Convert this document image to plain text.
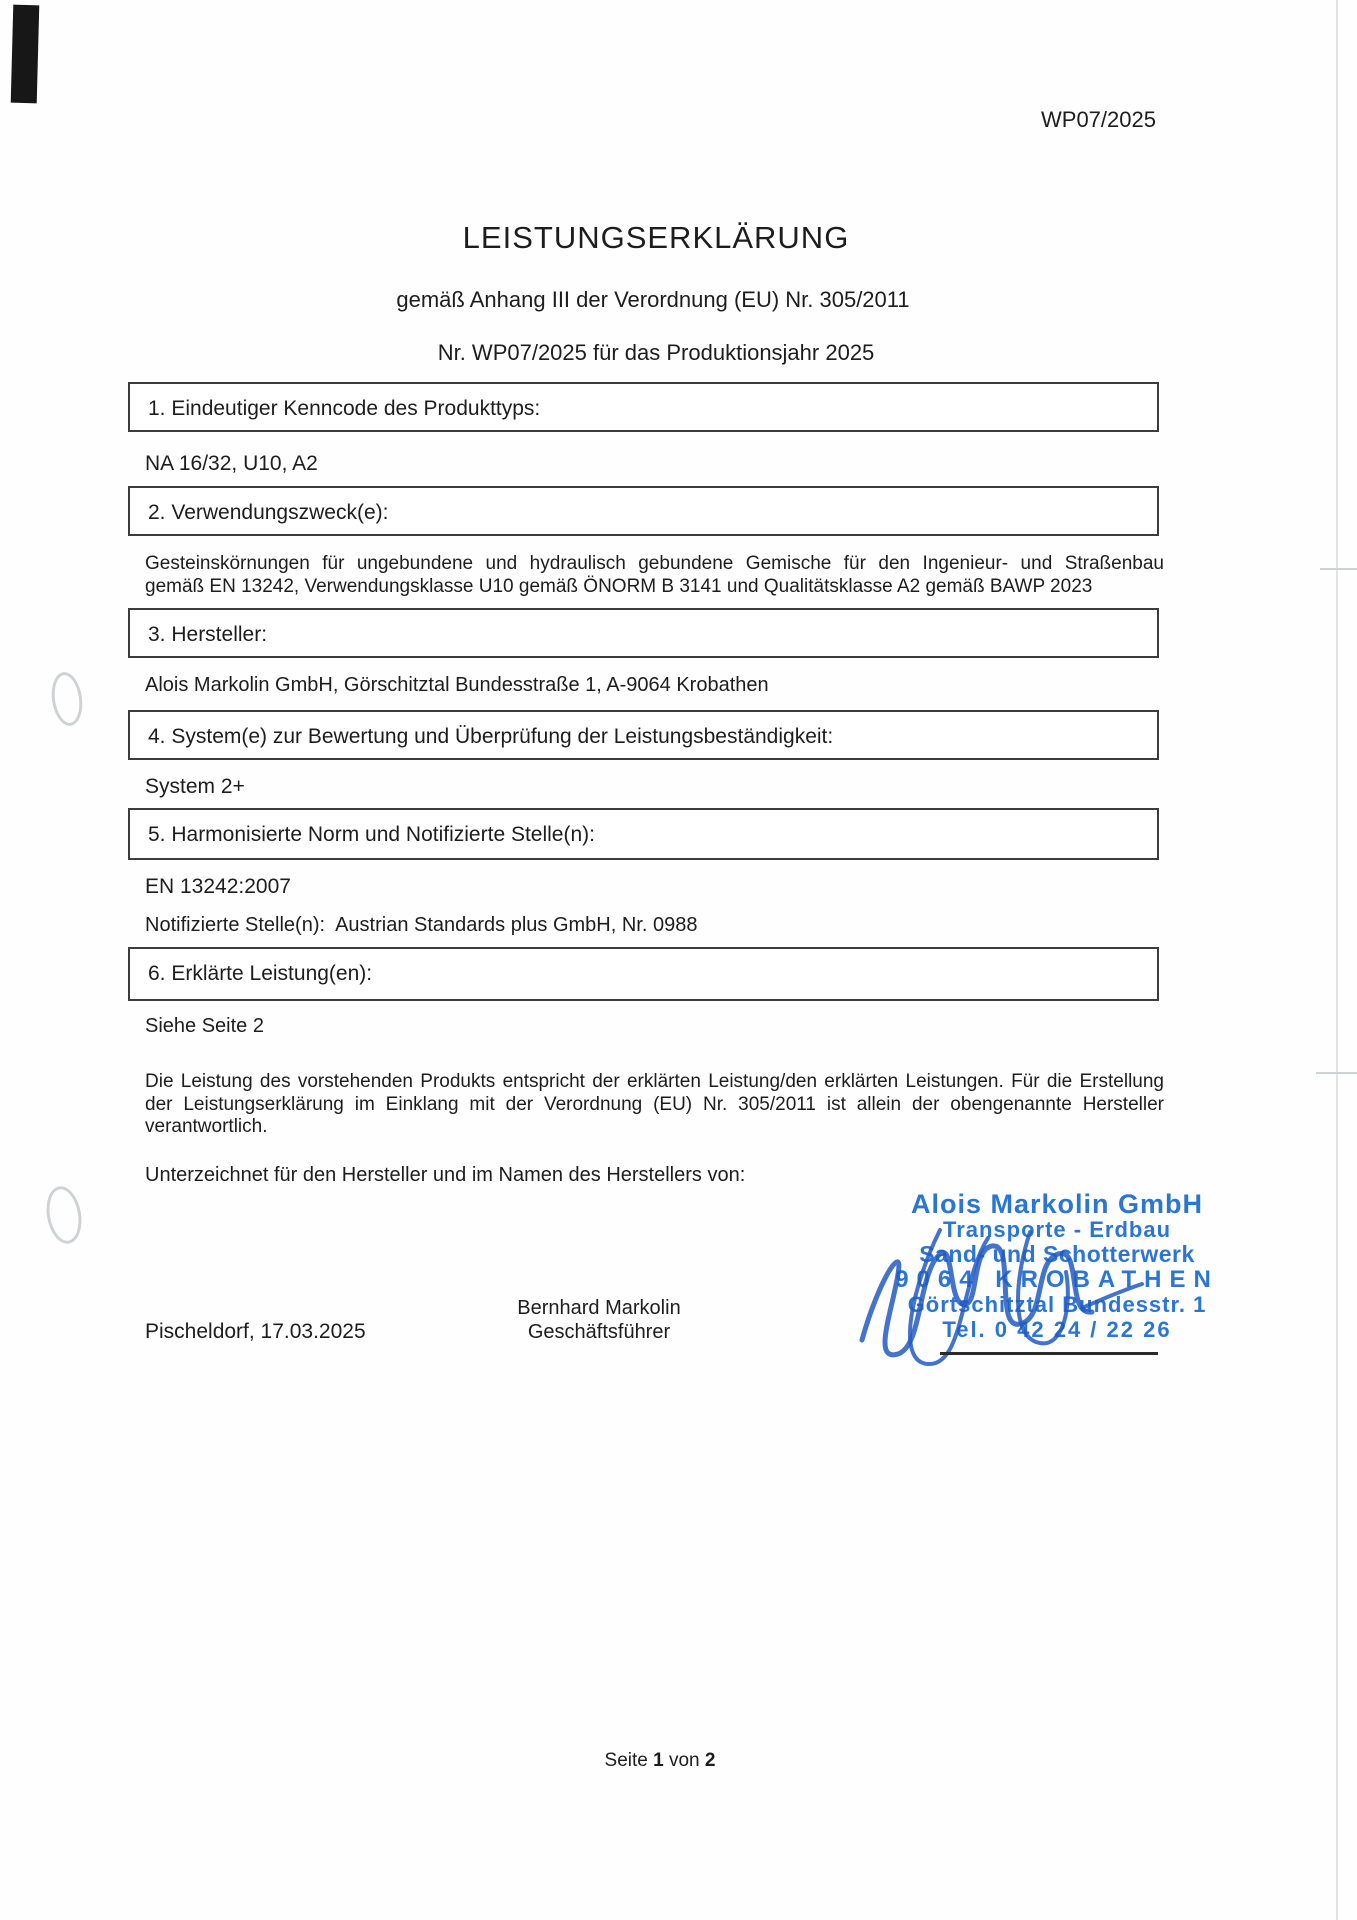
WP07/2025
LEISTUNGSERKLÄRUNG
gemäß Anhang III der Verordnung (EU) Nr. 305/2011
Nr. WP07/2025 für das Produktionsjahr 2025
1. Eindeutiger Kenncode des Produkttyps:
NA 16/32, U10, A2
2. Verwendungszweck(e):
Gesteinskörnungen für ungebundene und hydraulisch gebundene Gemische für den Ingenieur- und Straßenbau
gemäß EN 13242, Verwendungsklasse U10 gemäß ÖNORM B 3141 und Qualitätsklasse A2 gemäß BAWP 2023
3. Hersteller:
Alois Markolin GmbH, Görschitztal Bundesstraße 1, A-9064 Krobathen
4. System(e) zur Bewertung und Überprüfung der Leistungsbeständigkeit:
System 2+
5. Harmonisierte Norm und Notifizierte Stelle(n):
EN 13242:2007
Notifizierte Stelle(n):  Austrian Standards plus GmbH, Nr. 0988
6. Erklärte Leistung(en):
Siehe Seite 2
Die Leistung des vorstehenden Produkts entspricht der erklärten Leistung/den erklärten Leistungen. Für die Erstellung
der Leistungserklärung im Einklang mit der Verordnung (EU) Nr. 305/2011 ist allein der obengenannte Hersteller
verantwortlich.
Unterzeichnet für den Hersteller und im Namen des Herstellers von:
Pischeldorf, 17.03.2025
Bernhard Markolin
Geschäftsführer
Alois Markolin GmbH
Transporte - Erdbau
Sand- und Schotterwerk
9064 KROBATHEN
Görtschitztal Bundesstr. 1
Tel. 0 42 24 / 22 26
Seite 1 von 2
